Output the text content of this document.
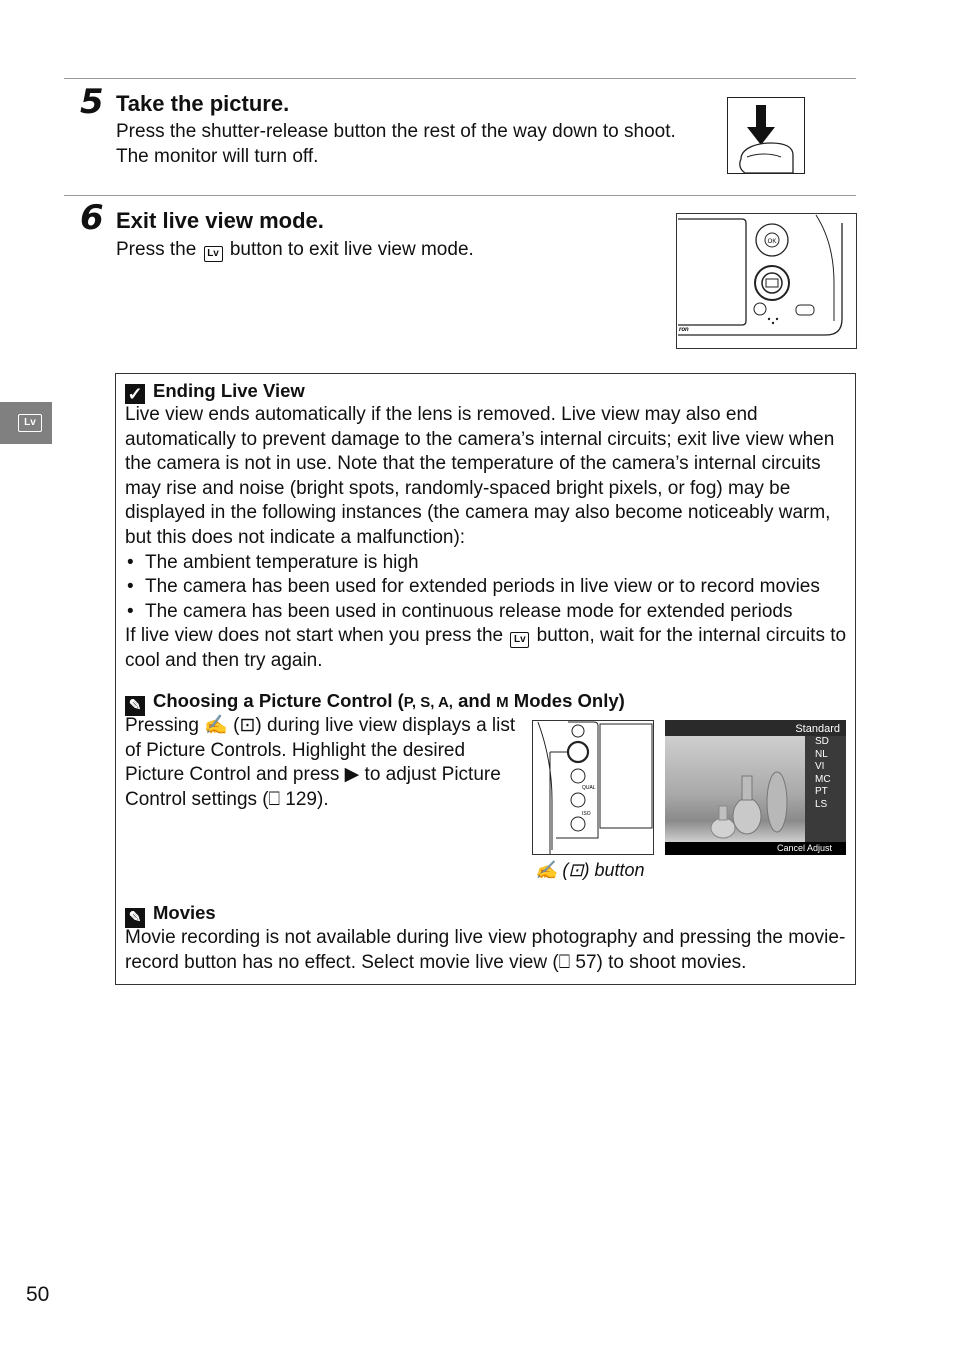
5 Take the picture.
Press the shutter-release button the rest of the way down to shoot. The monitor will turn off.
6 Exit live view mode.
Press the Lv button to exit live view mode.	OK
ron
Lv
✓ Ending Live View
Live view ends automatically if the lens is removed. Live view may also end automatically to prevent damage to the camera’s internal circuits; exit live view when the camera is not in use. Note that the temperature of the camera’s internal circuits may rise and noise (bright spots, randomly-spaced bright pixels, or fog) may be displayed in the following instances (the camera may also become noticeably warm, but this does not indicate a malfunction):
• The ambient temperature is high
• The camera has been used for extended periods in live view or to record movies
• The camera has been used in continuous release mode for extended periods
If live view does not start when you press the Lv button, wait for the internal circuits to cool and then try again.
✎ Choosing a Picture Control (P, S, A, and M Modes Only)
Pressing ✍ (⊡) during live view displays a list of Picture Controls. Highlight the desired Picture Control and press ▶ to adjust Picture Control settings (⎕ 129).
QUAL
ISO
Standard
SD
NL
VI
MC
PT
LS
Cancel Adjust
✍ (⊡) button
✎ Movies
Movie recording is not available during live view photography and pressing the movie-record button has no effect. Select movie live view (⎕ 57) to shoot movies.
50
